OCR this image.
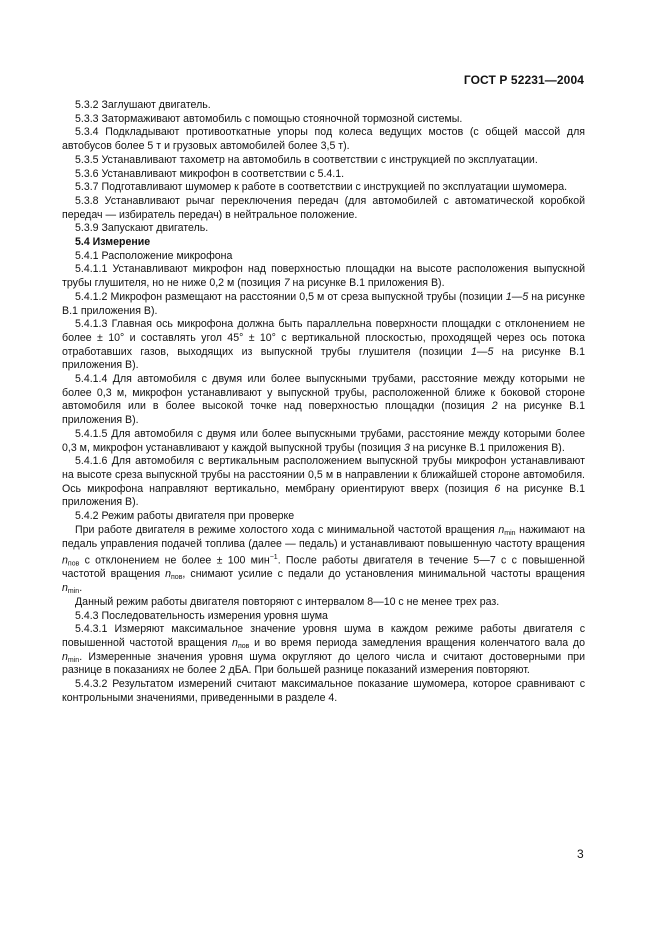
ГОСТ Р 52231—2004

5.3.2 Заглушают двигатель.

5.3.3 Затормаживают автомобиль с помощью стояночной тормозной системы.

5.3.4 Подкладывают противооткатные упоры под колеса ведущих мостов (с общей массой для автобусов более 5 т и грузовых автомобилей более 3,5 т).

5.3.5 Устанавливают тахометр на автомобиль в соответствии с инструкцией по эксплуатации.

5.3.6 Устанавливают микрофон в соответствии с 5.4.1.

5.3.7 Подготавливают шумомер к работе в соответствии с инструкцией по эксплуатации шумомера.

5.3.8 Устанавливают рычаг переключения передач (для автомобилей с автоматической коробкой передач — избиратель передач) в нейтральное положение.

5.3.9 Запускают двигатель.

5.4 Измерение

5.4.1 Расположение микрофона

5.4.1.1 Устанавливают микрофон над поверхностью площадки на высоте расположения выпускной трубы глушителя, но не ниже 0,2 м (позиция 7 на рисунке В.1 приложения В).

5.4.1.2 Микрофон размещают на расстоянии 0,5 м от среза выпускной трубы (позиции 1—5 на рисунке В.1 приложения В).

5.4.1.3 Главная ось микрофона должна быть параллельна поверхности площадки с отклонением не более ± 10° и составлять угол 45° ± 10° с вертикальной плоскостью, проходящей через ось потока отработавших газов, выходящих из выпускной трубы глушителя (позиции 1—5 на рисунке В.1 приложения В).

5.4.1.4 Для автомобиля с двумя или более выпускными трубами, расстояние между которыми не более 0,3 м, микрофон устанавливают у выпускной трубы, расположенной ближе к боковой стороне автомобиля или в более высокой точке над поверхностью площадки (позиция 2 на рисунке В.1 приложения В).

5.4.1.5 Для автомобиля с двумя или более выпускными трубами, расстояние между которыми более 0,3 м, микрофон устанавливают у каждой выпускной трубы (позиция 3 на рисунке В.1 приложения В).

5.4.1.6 Для автомобиля с вертикальным расположением выпускной трубы микрофон устанавливают на высоте среза выпускной трубы на расстоянии 0,5 м в направлении к ближайшей стороне автомобиля. Ось микрофона направляют вертикально, мембрану ориентируют вверх (позиция 6 на рисунке В.1 приложения В).

5.4.2 Режим работы двигателя при проверке

При работе двигателя в режиме холостого хода с минимальной частотой вращения $n_{min}$ нажимают на педаль управления подачей топлива (далее — педаль) и устанавливают повышенную частоту вращения $n_{пов}$ с отклонением не более ± 100 мин$^{-1}$. После работы двигателя в течение 5—7 с с повышенной частотой вращения $n_{пов}$, снимают усилие с педали до установления минимальной частоты вращения $n_{min}$.

Данный режим работы двигателя повторяют с интервалом 8—10 с не менее трех раз.

5.4.3 Последовательность измерения уровня шума

5.4.3.1 Измеряют максимальное значение уровня шума в каждом режиме работы двигателя с повышенной частотой вращения $n_{пов}$ и во время периода замедления вращения коленчатого вала до $n_{min}$. Измеренные значения уровня шума округляют до целого числа и считают достоверными при разнице в показаниях не более 2 дБА. При большей разнице показаний измерения повторяют.

5.4.3.2 Результатом измерений считают максимальное показание шумомера, которое сравнивают с контрольными значениями, приведенными в разделе 4.

3
